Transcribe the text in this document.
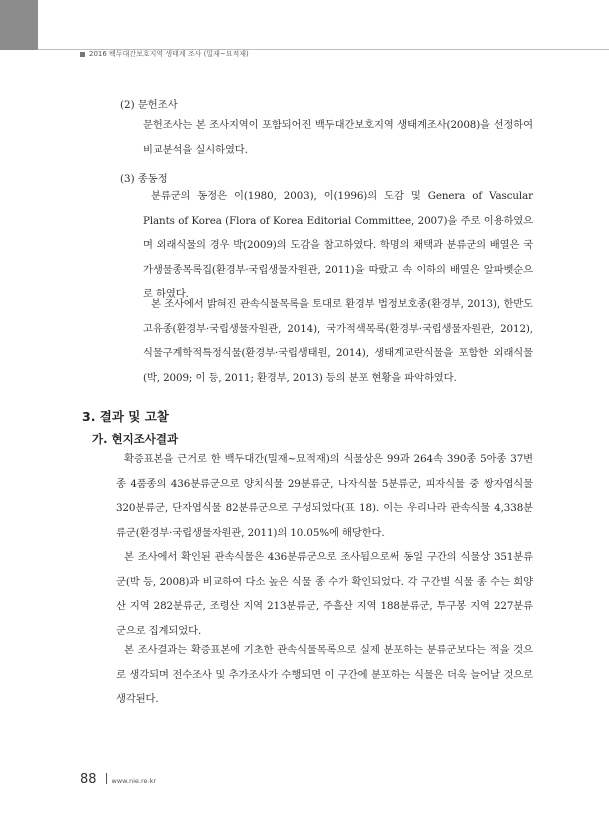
2016 백두대간보호지역 생태계 조사 (밀재~묘적재)
(2) 문헌조사
문헌조사는 본 조사지역이 포함되어진 백두대간보호지역 생태계조사(2008)을 선정하여 비교분석을 실시하였다.
(3) 종동정
분류군의 동정은 이(1980, 2003), 이(1996)의 도감 및 Genera of Vascular Plants of Korea (Flora of Korea Editorial Committee, 2007)을 주로 이용하였으며 외래식물의 경우 박(2009)의 도감을 참고하였다. 학명의 채택과 분류군의 배열은 국가생물종목록집(환경부·국립생물자원관, 2011)을 따랐고 속 이하의 배열은 알파벳순으로 하였다.
본 조사에서 밝혀진 관속식물목록을 토대로 환경부 법정보호종(환경부, 2013), 한반도 고유종(환경부·국립생물자원관, 2014), 국가적색목록(환경부·국립생물자원관, 2012), 식물구계학적특정식물(환경부·국립생태원, 2014), 생태계교란식물을 포함한 외래식물(박, 2009; 이 등, 2011; 환경부, 2013) 등의 분포 현황을 파악하였다.
3. 결과 및 고찰
가. 현지조사결과
확증표본을 근거로 한 백두대간(밀재~묘적재)의 식물상은 99과 264속 390종 5아종 37변종 4품종의 436분류군으로 양치식물 29분류군, 나자식물 5분류군, 피자식물 중 쌍자엽식물 320분류군, 단자엽식물 82분류군으로 구성되었다(표 18). 이는 우리나라 관속식물 4,338분류군(환경부·국립생물자원관, 2011)의 10.05%에 해당한다.
본 조사에서 확인된 관속식물은 436분류군으로 조사됨으로써 동일 구간의 식물상 351분류군(박 등, 2008)과 비교하여 다소 높은 식물 종 수가 확인되었다. 각 구간별 식물 종 수는 희양산 지역 282분류군, 조령산 지역 213분류군, 주흘산 지역 188분류군, 투구봉 지역 227분류군으로 집계되었다.
본 조사결과는 확증표본에 기초한 관속식물목록으로 실제 분포하는 분류군보다는 적을 것으로 생각되며 전수조사 및 추가조사가 수행되면 이 구간에 분포하는 식물은 더욱 늘어날 것으로 생각된다.
88 www.nie.re.kr
